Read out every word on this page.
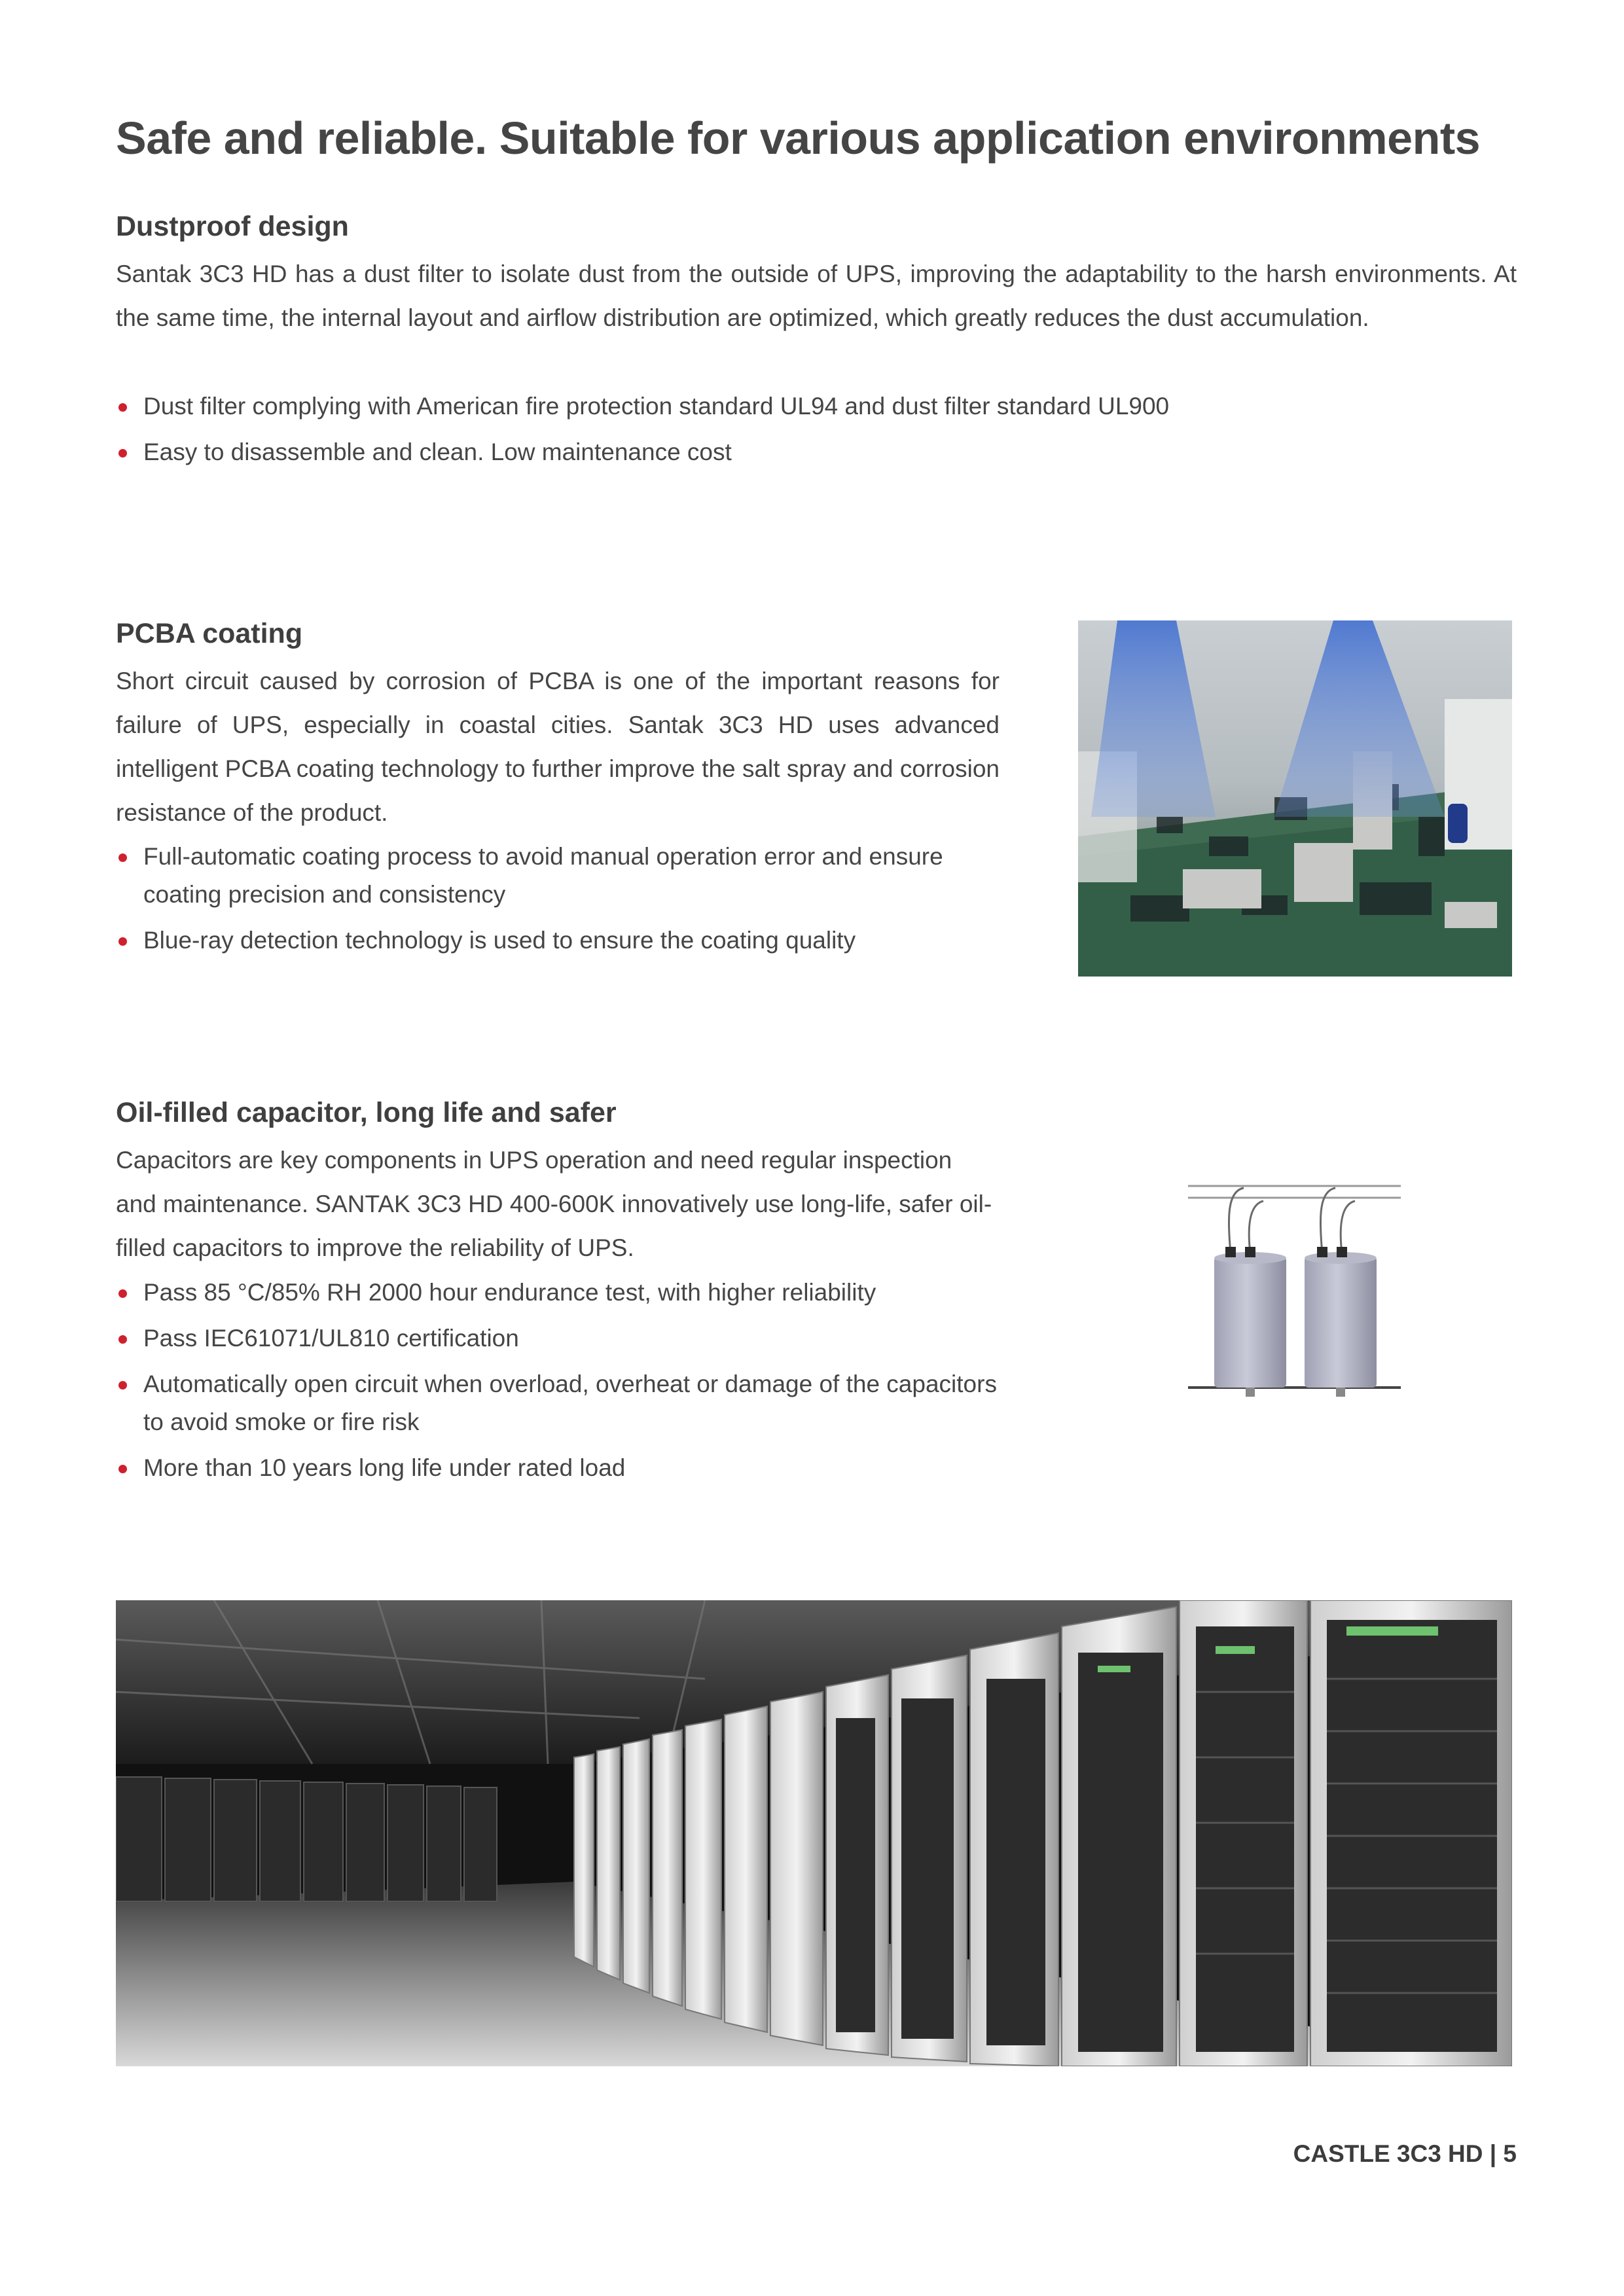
Safe and reliable. Suitable for various application environments
Dustproof design
Santak 3C3 HD has a dust filter to isolate dust from the outside of UPS, improving the adaptability to the harsh environments. At the same time, the internal layout and airflow distribution are optimized, which greatly reduces the dust accumulation.
Dust filter complying with American fire protection standard UL94 and dust filter standard UL900
Easy to disassemble and clean. Low maintenance cost
PCBA coating
Short circuit caused by corrosion of PCBA is one of the important reasons for failure of UPS, especially in coastal cities. Santak 3C3 HD uses advanced intelligent PCBA coating technology to further improve the salt spray and corrosion resistance of the product.
Full-automatic coating process to avoid manual operation error and ensure coating precision and consistency
Blue-ray detection technology is used to ensure the coating quality
Oil-filled capacitor, long life and safer
Capacitors are key components in UPS operation and need regular inspection and maintenance. SANTAK 3C3 HD 400-600K innovatively use long-life, safer oil-filled capacitors to improve the reliability of UPS.
Pass 85 °C/85% RH 2000 hour endurance test, with higher reliability
Pass IEC61071/UL810 certification
Automatically open circuit when overload, overheat or damage of the capacitors to avoid smoke or fire risk
More than 10 years long life under rated load
CASTLE 3C3 HD | 5
